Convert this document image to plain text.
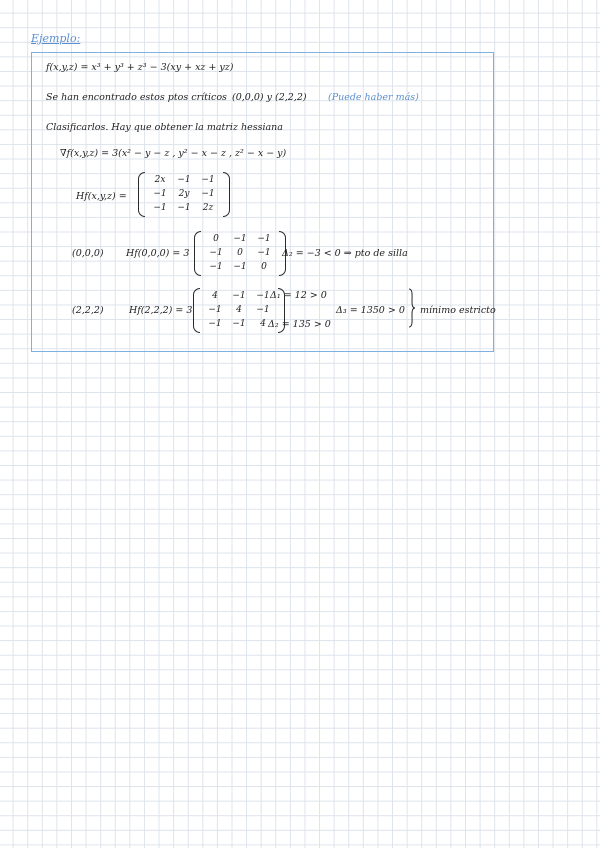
Ejemplo:
f(x,y,z) = x³ + y³ + z³ − 3(xy + xz + yz)
Se han encontrado estos ptos críticos (0,0,0) y (2,2,2) (Puede haber más)
Clasificarlos. Hay que obtener la matriz hessiana
∇f(x,y,z) = 3(x² − y − z , y² − x − z , z² − x − y)
Hf(x,y,z) =
2x	−1	−1
−1	2y	−1
−1	−1	2z
(0,0,0) Hf(0,0,0) = 3
0	−1	−1
−1	0	−1
−1	−1	0
Δ₂ = −3 < 0 ⇒ pto de silla
(2,2,2)	Hf(2,2,2) = 3
4	−1	−1
−1	4	−1
−1	−1	4
Δ₁ = 12 > 0
Δ₂ = 135 > 0
Δ₃ = 1350 > 0 mínimo estricto
